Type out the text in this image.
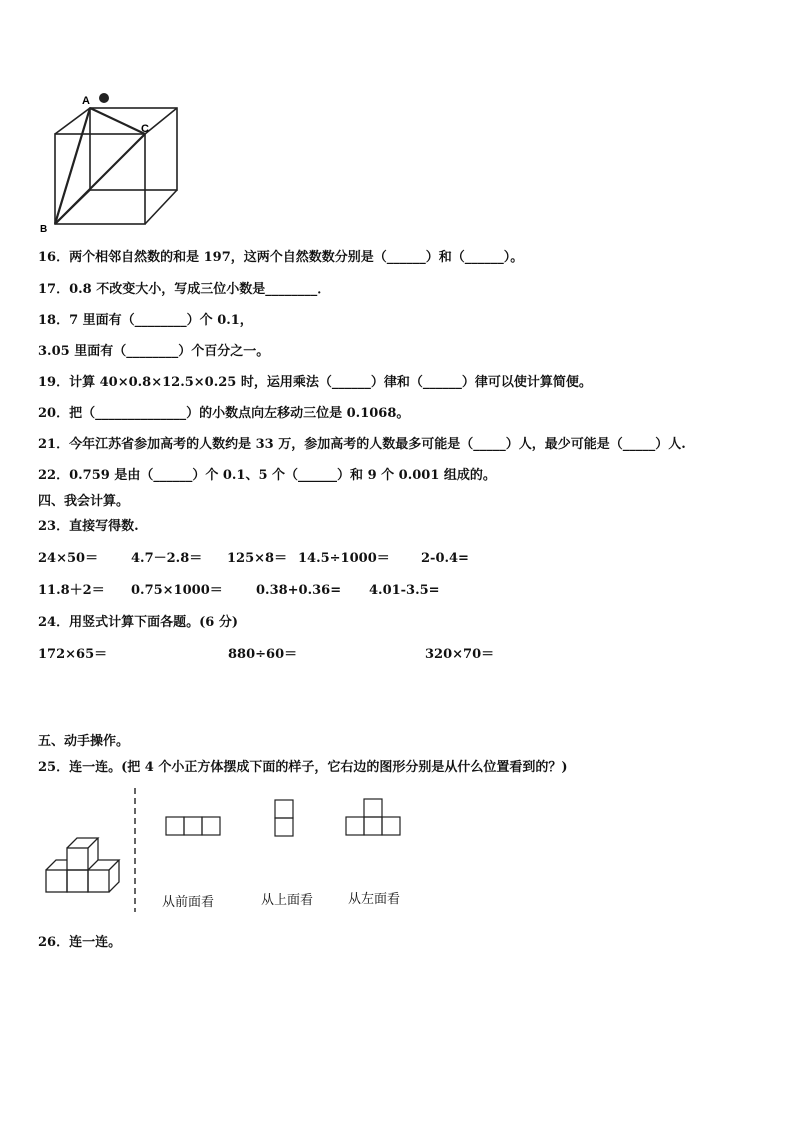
A
B
C
16．两个相邻自然数的和是 197，这两个自然数数分别是（______）和（______）。
17．0.8 不改变大小，写成三位小数是________．
18．7 里面有（________）个 0.1，
3.05 里面有（________）个百分之一。
19．计算 40×0.8×12.5×0.25 时，运用乘法（______）律和（______）律可以使计算简便。
20．把（______________）的小数点向左移动三位是 0.1068。
21．今年江苏省参加高考的人数约是 33 万，参加高考的人数最多可能是（_____）人，最少可能是（_____）人.
22．0.759 是由（______）个 0.1、5 个（______）和 9 个 0.001 组成的。
四、我会计算。
23．直接写得数.
24×50＝	4.7－2.8＝ 125×8＝ 14.5÷1000＝ 2-0.4=
11.8＋2＝ 0.75×1000＝	0.38+0.36= 4.01-3.5=
24．用竖式计算下面各题。(6 分)
172×65＝	880÷60＝	320×70＝
五、动手操作。
25．连一连。(把 4 个小正方体摆成下面的样子，它右边的图形分别是从什么位置看到的？)
从前面看	从上面看	从左面看
26．连一连。
